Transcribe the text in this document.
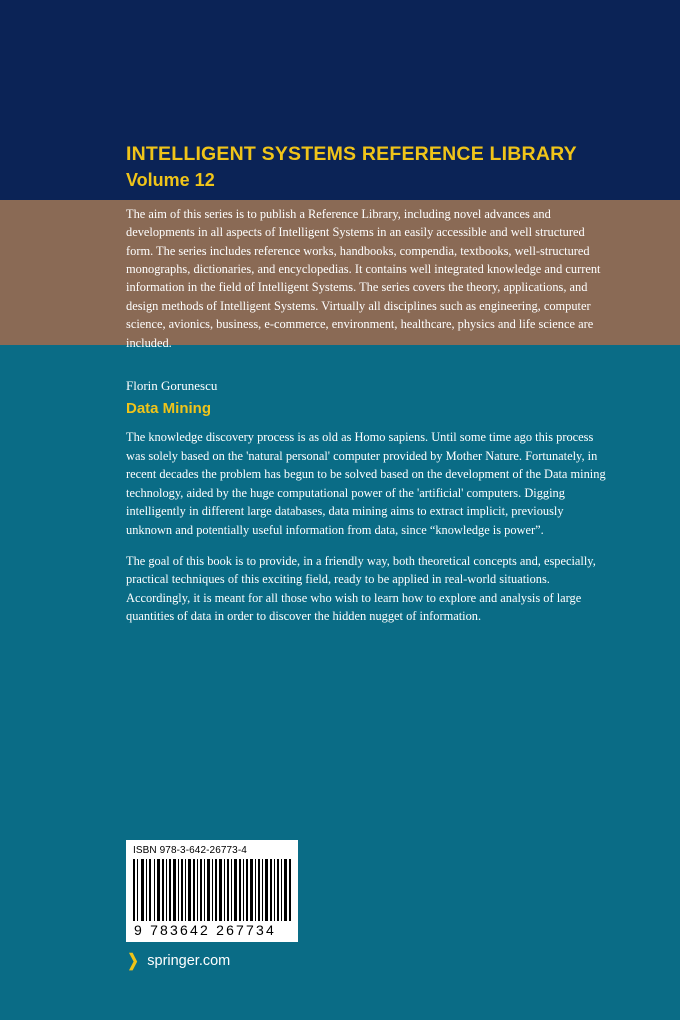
INTELLIGENT SYSTEMS REFERENCE LIBRARY

Volume 12

The aim of this series is to publish a Reference Library, including novel advances and developments in all aspects of Intelligent Systems in an easily accessible and well structured form. The series includes reference works, handbooks, compendia, textbooks, well-structured monographs, dictionaries, and encyclopedias. It contains well integrated knowledge and current information in the field of Intelligent Systems. The series covers the theory, applications, and design methods of Intelligent Systems. Virtually all disciplines such as engineering, computer science, avionics, business, e-commerce, environment, healthcare, physics and life science are included.

Florin Gorunescu
Data Mining

The knowledge discovery process is as old as Homo sapiens. Until some time ago this process was solely based on the 'natural personal' computer provided by Mother Nature. Fortunately, in recent decades the problem has begun to be solved based on the development of the Data mining technology, aided by the huge computational power of the 'artificial' computers. Digging intelligently in different large databases, data mining aims to extract implicit, previously unknown and potentially useful information from data, since “knowledge is power”.

The goal of this book is to provide, in a friendly way, both theoretical concepts and, especially, practical techniques of this exciting field, ready to be applied in real-world situations. Accordingly, it is meant for all those who wish to learn how to explore and analysis of large quantities of data in order to discover the hidden nugget of information.

ISBN 978-3-642-26773-4

9 783642 267734

❯ springer.com
